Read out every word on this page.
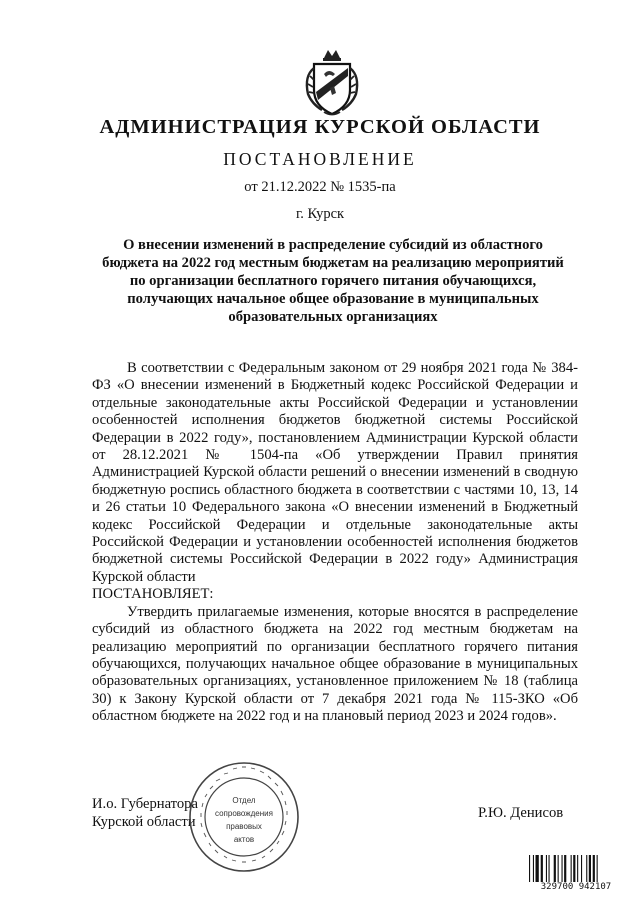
АДМИНИСТРАЦИЯ КУРСКОЙ ОБЛАСТИ
ПОСТАНОВЛЕНИЕ
от 21.12.2022 № 1535-па
г. Курск
О внесении изменений в распределение субсидий из областного бюджета на 2022 год местным бюджетам на реализацию мероприятий по организации бесплатного горячего питания обучающихся, получающих начальное общее образование в муниципальных образовательных организациях

В соответствии с Федеральным законом от 29 ноября 2021 года № 384-ФЗ «О внесении изменений в Бюджетный кодекс Российской Федерации и отдельные законодательные акты Российской Федерации и установлении особенностей исполнения бюджетов бюджетной системы Российской Федерации в 2022 году», постановлением Администрации Курской области от 28.12.2021 № 1504-па «Об утверждении Правил принятия Администрацией Курской области решений о внесении изменений в сводную бюджетную роспись областного бюджета в соответствии с частями 10, 13, 14 и 26 статьи 10 Федерального закона «О внесении изменений в Бюджетный кодекс Российской Федерации и отдельные законодательные акты Российской Федерации и установлении особенностей исполнения бюджетов бюджетной системы Российской Федерации в 2022 году» Администрация Курской области

ПОСТАНОВЛЯЕТ:

Утвердить прилагаемые изменения, которые вносятся в распределение субсидий из областного бюджета на 2022 год местным бюджетам на реализацию мероприятий по организации бесплатного горячего питания обучающихся, получающих начальное общее образование в муниципальных образовательных организациях, установленное приложением № 18 (таблица 30) к Закону Курской области от 7 декабря 2021 года № 115-ЗКО «Об областном бюджете на 2022 год и на плановый период 2023 и 2024 годов».

И.о. Губернатора
Курской области
Р.Ю. Денисов
Отдел
сопровождения
правовых
актов
329700 942107
